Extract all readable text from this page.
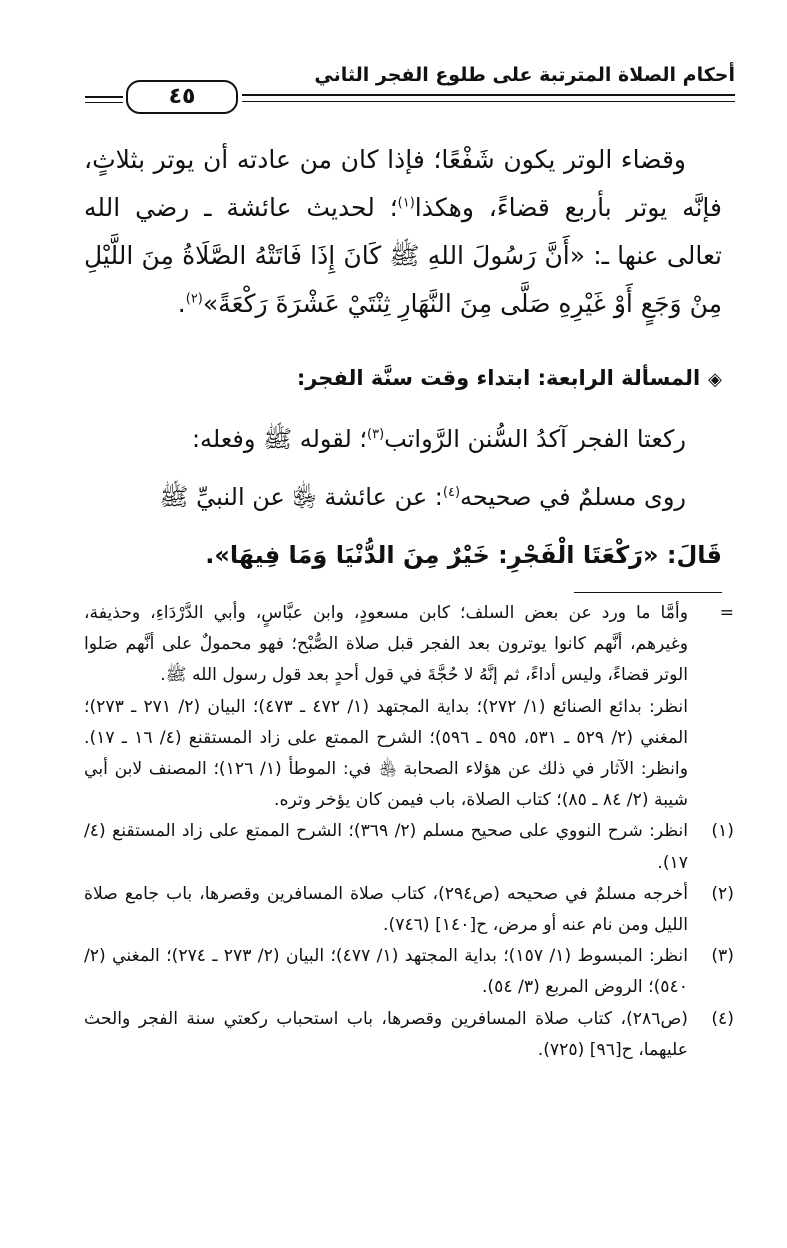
٤٥
أحكام الصلاة المترتبة على طلوع الفجر الثاني

وقضاء الوتر يكون شَفْعًا؛ فإذا كان من عادته أن يوتر بثلاثٍ، فإنَّه يوتر بأربع قضاءً، وهكذا$^{(١)}$؛ لحديث عائشة ـ رضي الله تعالى عنها ـ: «أَنَّ رَسُولَ اللهِ ﷺ كَانَ إِذَا فَاتَتْهُ الصَّلَاةُ مِنَ اللَّيْلِ مِنْ وَجَعٍ أَوْ غَيْرِهِ صَلَّى مِنَ النَّهَارِ ثِنْتَيْ عَشْرَةَ رَكْعَةً»$^{(٢)}$.

◈المسألة الرابعة: ابتداء وقت سنَّة الفجر:

ركعتا الفجر آكدُ السُّنن الرَّواتب$^{(٣)}$؛ لقوله ﷺ وفعله:

روى مسلمٌ في صحيحه$^{(٤)}$: عن عائشة ﵂ عن النبيِّ ﷺ

قَالَ: «رَكْعَتَا الْفَجْرِ: خَيْرٌ مِنَ الدُّنْيَا وَمَا فِيهَا».

=
وأمَّا ما ورد عن بعض السلف؛ كابن مسعودٍ، وابن عبَّاسٍ، وأبي الدَّرْدَاءِ، وحذيفة، وغيرهم، أنَّهم كانوا يوترون بعد الفجر قبل صلاة الصُّبْح؛ فهو محمولٌ على أنَّهم صَلوا الوتر قضاءً، وليس أداءً، ثم إنَّهُ لا حُجَّةَ في قول أحدٍ بعد قول رسول الله ﷺ.
انظر: بدائع الصنائع (١/ ٢٧٢)؛ بداية المجتهد (١/ ٤٧٢ ـ ٤٧٣)؛ البيان (٢/ ٢٧١ ـ ٢٧٣)؛ المغني (٢/ ٥٢٩ ـ ٥٣١، ٥٩٥ ـ ٥٩٦)؛ الشرح الممتع على زاد المستقنع (٤/ ١٦ ـ ١٧). وانظر: الآثار في ذلك عن هؤلاء الصحابة ﵃ في: الموطأ (١/ ١٢٦)؛ المصنف لابن أبي شيبة (٢/ ٨٤ ـ ٨٥)؛ كتاب الصلاة، باب فيمن كان يؤخر وتره.
(١)
انظر: شرح النووي على صحيح مسلم (٢/ ٣٦٩)؛ الشرح الممتع على زاد المستقنع (٤/ ١٧).
(٢)
أخرجه مسلمٌ في صحيحه (ص٢٩٤)، كتاب صلاة المسافرين وقصرها، باب جامع صلاة الليل ومن نام عنه أو مرض، ح[١٤٠] (٧٤٦).
(٣)
انظر: المبسوط (١/ ١٥٧)؛ بداية المجتهد (١/ ٤٧٧)؛ البيان (٢/ ٢٧٣ ـ ٢٧٤)؛ المغني (٢/ ٥٤٠)؛ الروض المربع (٣/ ٥٤).
(٤)
(ص٢٨٦)، كتاب صلاة المسافرين وقصرها، باب استحباب ركعتي سنة الفجر والحث عليهما، ح[٩٦] (٧٢٥).
